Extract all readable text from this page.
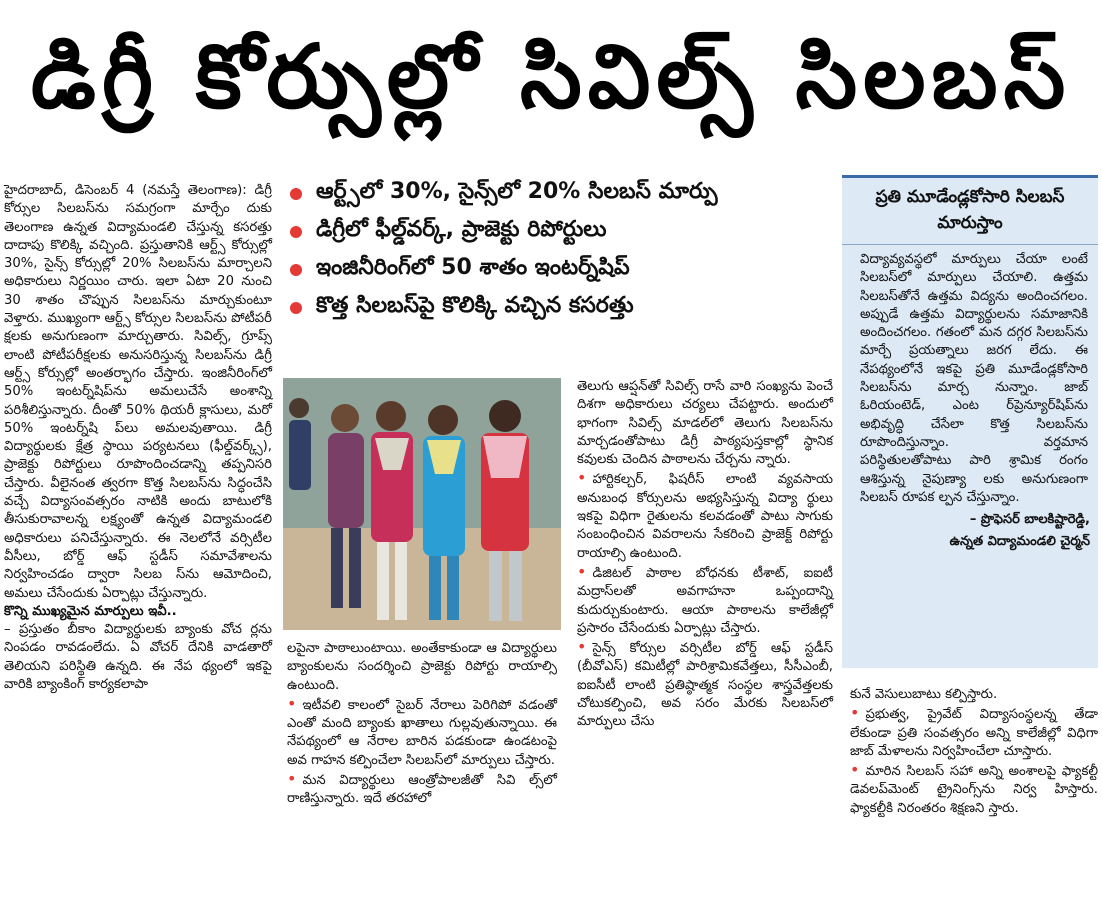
డిగ్రీ కోర్సుల్లో సివిల్స్‌ సిలబస్‌

హైదరాబాద్‌, డిసెంబర్‌ 4 (నమస్తే తెలంగాణ): డిగ్రీ కోర్సుల సిలబస్‌ను సమగ్రంగా మార్చేం దుకు తెలంగాణ ఉన్నత విద్యామండలి చేస్తున్న కసరత్తు దాదాపు కొలిక్కి వచ్చింది. ప్రస్తుతానికి ఆర్ట్స్‌ కోర్సుల్లో 30%, సైన్స్‌ కోర్సుల్లో 20% సిలబస్‌ను మార్చాలని అధికారులు నిర్ణయిం చారు. ఇలా ఏటా 20 నుంచి 30 శాతం చొప్పున సిలబస్‌ను మార్చుకుంటూ వెళ్తారు. ముఖ్యంగా ఆర్ట్స్‌ కోర్సుల సిలబస్‌ను పోటీపరీ క్షలకు అనుగుణంగా మార్చుతారు. సివిల్స్‌, గ్రూప్స్‌ లాంటి పోటీపరీక్షలకు అనుసరిస్తున్న సిలబస్‌ను డిగ్రీ ఆర్ట్స్‌ కోర్సుల్లో అంతర్భాగం చేస్తారు. ఇంజినీరింగ్‌లో 50% ఇంటర్న్‌షిప్‌ను అమలుచేసే అంశాన్ని పరిశీలిస్తున్నారు. దీంతో 50% థియరీ క్లాసులు, మరో 50% ఇంటర్న్‌షి ప్‌లు అమలవుతాయి. డిగ్రీ విద్యార్థులకు క్షేత్ర స్థాయి పర్యటనలు (ఫీల్డ్‌వర్క్స్‌), ప్రాజెక్టు రిపోర్టులు రూపొందించడాన్ని తప్పనిసరి చేస్తారు. వీలైనంత త్వరగా కొత్త సిలబస్‌ను సిద్ధంచేసి వచ్చే విద్యాసంవత్సరం నాటికి అందు బాటులోకి తీసుకురావాలన్న లక్ష్యంతో ఉన్నత విద్యామండలి అధికారులు పనిచేస్తున్నారు. ఈ నెలలోనే వర్సిటీల వీసీలు, బోర్డ్‌ ఆఫ్‌ స్టడీస్‌ సమావేశాలను నిర్వహించడం ద్వారా సిలబ స్‌ను ఆమోదించి, అమలు చేసేందుకు ఏర్పాట్లు చేస్తున్నారు.

కొన్ని ముఖ్యమైన మార్పులు ఇవీ..

– ప్రస్తుతం బీకాం విద్యార్థులకు బ్యాంకు వోచ ర్లను నింపడం రావడంలేదు. ఏ వోచర్‌ దేనికి వాడతారో తెలియని పరిస్థితి ఉన్నది. ఈ నేప థ్యంలో ఇకపై వారికి బ్యాంకింగ్‌ కార్యకలాపా

ఆర్ట్స్‌లో 30%, సైన్స్‌లో 20% సిలబస్‌ మార్పు
డిగ్రీలో ఫీల్డ్‌వర్క్‌, ప్రాజెక్టు రిపోర్టులు
ఇంజినీరింగ్‌లో 50 శాతం ఇంటర్న్‌షిప్‌
కొత్త సిలబస్‌పై కొలిక్కి వచ్చిన కసరత్తు

లపైనా పాఠాలుంటాయి. అంతేకాకుండా ఆ విద్యార్థులు బ్యాంకులను సందర్శించి ప్రాజెక్టు రిపోర్టు రాయాల్సి ఉంటుంది.

• ఇటీవలి కాలంలో సైబర్‌ నేరాలు పెరిగిపో వడంతో ఎంతో మంది బ్యాంకు ఖాతాలు గుల్లవుతున్నాయి. ఈ నేపథ్యంలో ఆ నేరాల బారిన పడకుండా ఉండటంపై అవ గాహన కల్పించేలా సిలబస్‌లో మార్పులు చేస్తారు.

• మన విద్యార్థులు ఆంత్రోపాలజీతో సివి ల్స్‌లో రాణిస్తున్నారు. ఇదే తరహాలో

తెలుగు ఆప్షన్‌తో సివిల్స్‌ రాసే వారి సంఖ్యను పెంచే దిశగా అధికారులు చర్యలు చేపట్టారు. అందులో భాగంగా సివిల్స్‌ మాడల్‌లో తెలుగు సిలబస్‌ను మార్చడంతోపాటు డిగ్రీ పాఠ్యపుస్తకాల్లో స్థానిక కవులకు చెందిన పాఠాలను చేర్చను న్నారు.

• హార్టికల్చర్‌, ఫిషరీస్‌ లాంటి వ్యవసాయ అనుబంధ కోర్సులను అభ్యసిస్తున్న విద్యా ర్థులు ఇకపై విధిగా రైతులను కలవడంతో పాటు సాగుకు సంబంధించిన వివరాలను సేకరించి ప్రాజెక్ట్‌ రిపోర్టు రాయాల్సి ఉంటుంది.

• డిజిటల్‌ పాఠాల బోధనకు టీశాట్‌, ఐఐటీ మద్రాస్‌లతో అవగాహనా ఒప్పందాన్ని కుదుర్చుకుంటారు. ఆయా పాఠాలను కాలేజీల్లో ప్రసారం చేసేందుకు ఏర్పాట్లు చేస్తారు.

• సైన్స్‌ కోర్సుల వర్సిటీల బోర్డ్‌ ఆఫ్‌ స్టడీస్‌ (బీవోఎస్‌) కమిటీల్లో పారిశ్రామికవేత్తలు, సీసీఎంబీ, ఐఐసీటీ లాంటి ప్రతిష్ఠాత్మక సంస్థల శాస్త్రవేత్తలకు చోటుకల్పించి, అవ సరం మేరకు సిలబస్‌లో మార్పులు చేసు

ప్రతి మూడేండ్లకోసారి సిలబస్‌ మారుస్తాం
విద్యావ్యవస్థలో మార్పులు చేయా లంటే సిలబస్‌లో మార్పులు చేయాలి. ఉత్తమ సిలబస్‌తోనే ఉత్తమ విద్యను అందించగలం. అప్పుడే ఉత్తమ విద్యార్థులను సమాజానికి అందించగలం. గతంలో మన దగ్గర సిలబస్‌ను మార్చే ప్రయత్నాలు జరగ లేదు. ఈ నేపథ్యంలోనే ఇకపై ప్రతి మూడేండ్లకోసారి సిలబస్‌ను మార్చ నున్నాం. జాబ్‌ ఓరియంటెడ్‌, ఎంట ర్‌ప్రెన్యూర్‌షిప్‌ను అభివృద్ధి చేసేలా కొత్త సిలబస్‌ను రూపొందిస్తున్నాం. వర్తమాన పరిస్థితులతోపాటు పారి శ్రామిక రంగం ఆశిస్తున్న నైపుణ్యా లకు అనుగుణంగా సిలబస్‌ రూపక ల్పన చేస్తున్నాం.
– ప్రొఫెసర్‌ బాలకిష్టారెడ్డి,
ఉన్నత విద్యామండలి చైర్మన్‌

కునే వెసులుబాటు కల్పిస్తారు.

• ప్రభుత్వ, ప్రైవేట్‌ విద్యాసంస్థలన్న తేడా లేకుండా ప్రతి సంవత్సరం అన్ని కాలేజీల్లో విధిగా జాబ్‌ మేళాలను నిర్వహించేలా చూస్తారు.

• మారిన సిలబస్‌ సహా అన్ని అంశాలపై ఫ్యాకల్టీ డెవలప్‌మెంట్‌ ట్రైనింగ్స్‌ను నిర్వ హిస్తారు. ఫ్యాకల్టీకి నిరంతరం శిక్షణని స్తారు.
